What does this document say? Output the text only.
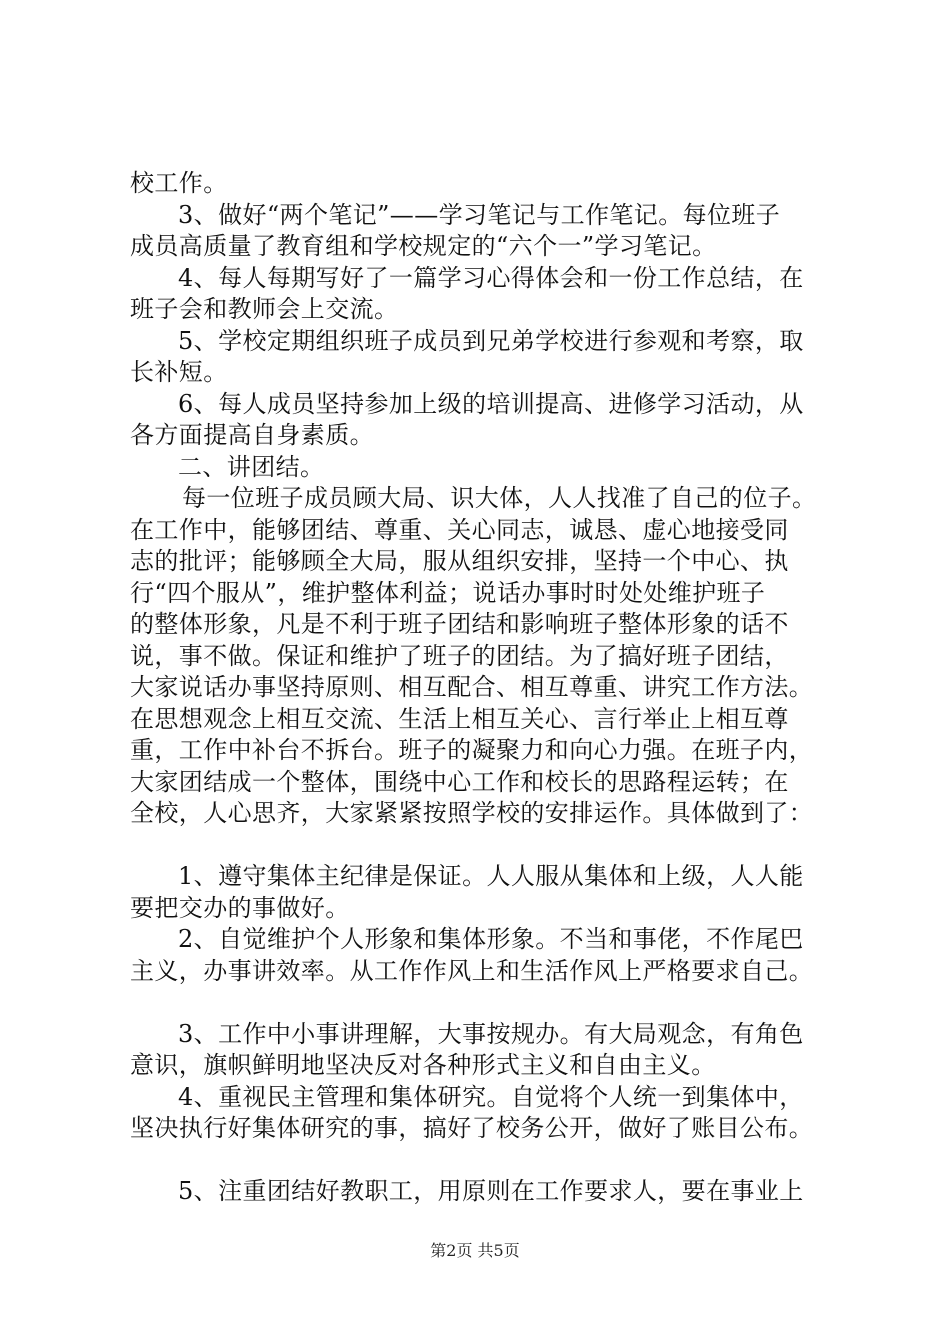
校工作。
3、做好“两个笔记”——学习笔记与工作笔记。每位班子
成员高质量了教育组和学校规定的“六个一”学习笔记。
4、每人每期写好了一篇学习心得体会和一份工作总结，在
班子会和教师会上交流。
5、学校定期组织班子成员到兄弟学校进行参观和考察，取
长补短。
6、每人成员坚持参加上级的培训提高、进修学习活动，从
各方面提高自身素质。
二、讲团结。
每一位班子成员顾大局、识大体，人人找准了自己的位子。
在工作中，能够团结、尊重、关心同志，诚恳、虚心地接受同
志的批评；能够顾全大局，服从组织安排，坚持一个中心、执
行“四个服从”，维护整体利益；说话办事时时处处维护班子
的整体形象，凡是不利于班子团结和影响班子整体形象的话不
说，事不做。保证和维护了班子的团结。为了搞好班子团结，
大家说话办事坚持原则、相互配合、相互尊重、讲究工作方法。
在思想观念上相互交流、生活上相互关心、言行举止上相互尊
重，工作中补台不拆台。班子的凝聚力和向心力强。在班子内，
大家团结成一个整体，围绕中心工作和校长的思路程运转；在
全校，人心思齐，大家紧紧按照学校的安排运作。具体做到了：
1、遵守集体主纪律是保证。人人服从集体和上级，人人能
要把交办的事做好。
2、自觉维护个人形象和集体形象。不当和事佬，不作尾巴
主义，办事讲效率。从工作作风上和生活作风上严格要求自己。
3、工作中小事讲理解，大事按规办。有大局观念，有角色
意识，旗帜鲜明地坚决反对各种形式主义和自由主义。
4、重视民主管理和集体研究。自觉将个人统一到集体中，
坚决执行好集体研究的事，搞好了校务公开，做好了账目公布。
5、注重团结好教职工，用原则在工作要求人，要在事业上
第2页 共5页
